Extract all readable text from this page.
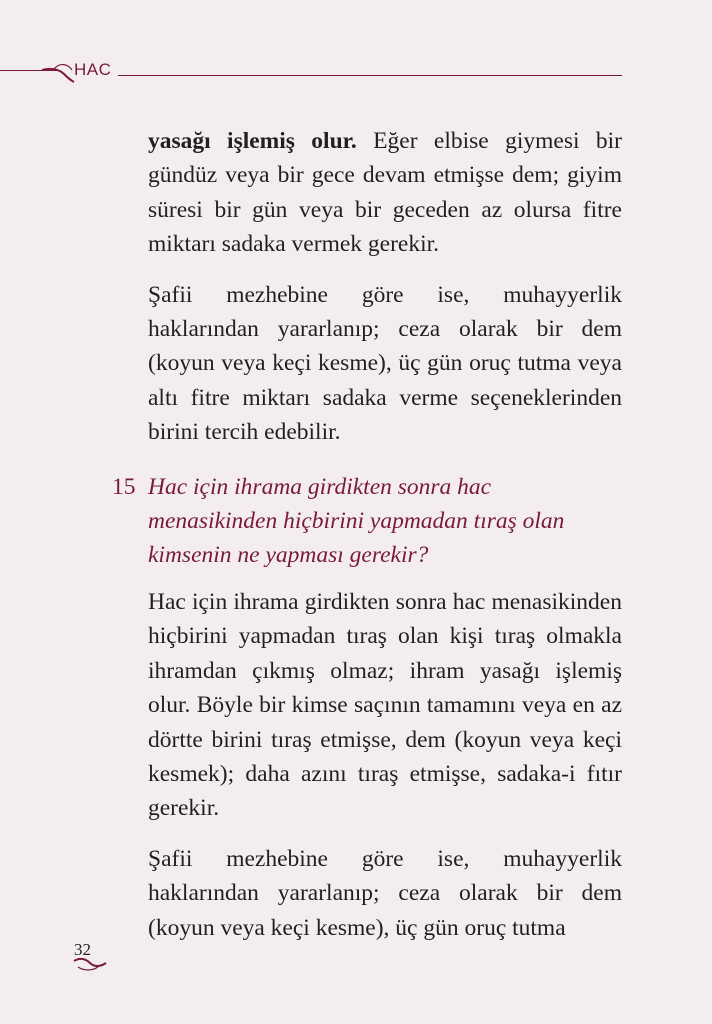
HAC

yasağı işlemiş olur. Eğer elbise giymesi bir gündüz veya bir gece devam etmişse dem; giyim süresi bir gün veya bir geceden az olursa fitre miktarı sadaka vermek gerekir.

Şafii mezhebine göre ise, muhayyerlik haklarından yararlanıp; ceza olarak bir dem (koyun veya keçi kesme), üç gün oruç tutma veya altı fitre miktarı sadaka verme seçeneklerinden birini tercih edebilir.

15 Hac için ihrama girdikten sonra hac menasikinden hiçbirini yapmadan tıraş olan kimsenin ne yapması gerekir?

Hac için ihrama girdikten sonra hac menasikinden hiçbirini yapmadan tıraş olan kişi tıraş olmakla ihramdan çıkmış olmaz; ihram yasağı işlemiş olur. Böyle bir kimse saçının tamamını veya en az dörtte birini tıraş etmişse, dem (koyun veya keçi kesmek); daha azını tıraş etmişse, sadaka-i fıtır gerekir.

Şafii mezhebine göre ise, muhayyerlik haklarından yararlanıp; ceza olarak bir dem (koyun veya keçi kesme), üç gün oruç tutma

32
